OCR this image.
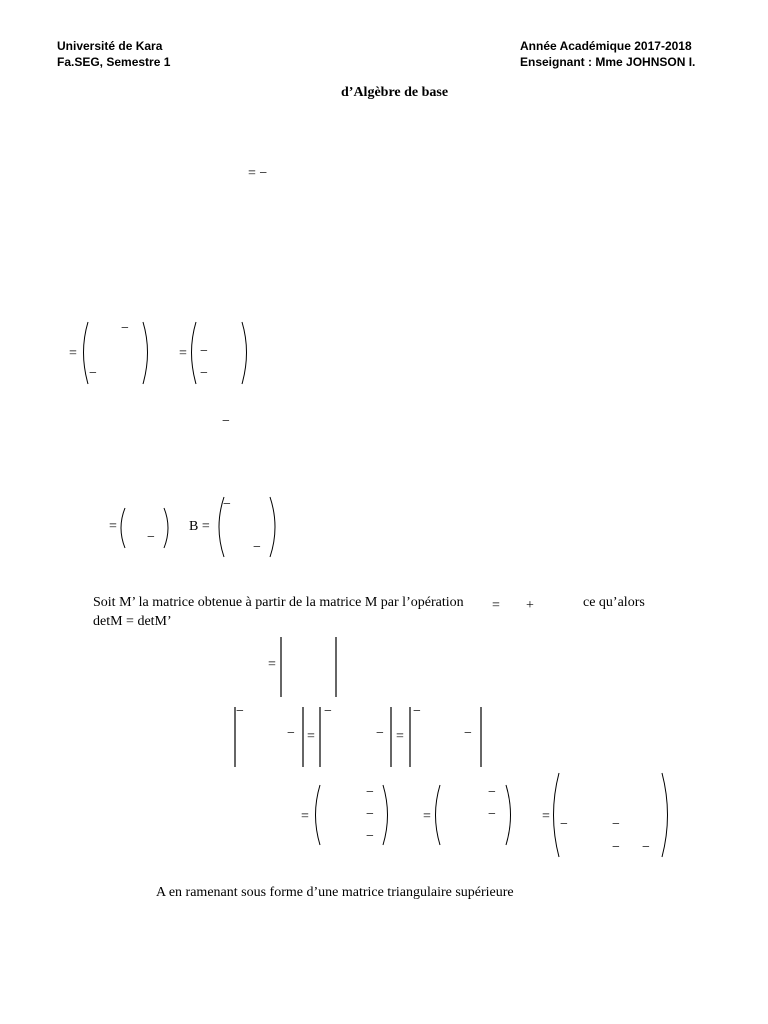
Université de Kara
Fa.SEG, Semestre 1
Année Académique 2017-2018
Enseignant : Mme JOHNSON I.
d’Algèbre de base
Soit M’ la matrice obtenue à partir de la matrice M par l’opération	ce qu’alors
detM = detM’
A en ramenant sous forme d’une matrice triangulaire supérieure
= −
=
−
−
= −
−
−
=
−
B =
−
−
= +
=
−
− =
−
− =
−
−
=
−
−
−
=
−
−	=
−	−
− −
